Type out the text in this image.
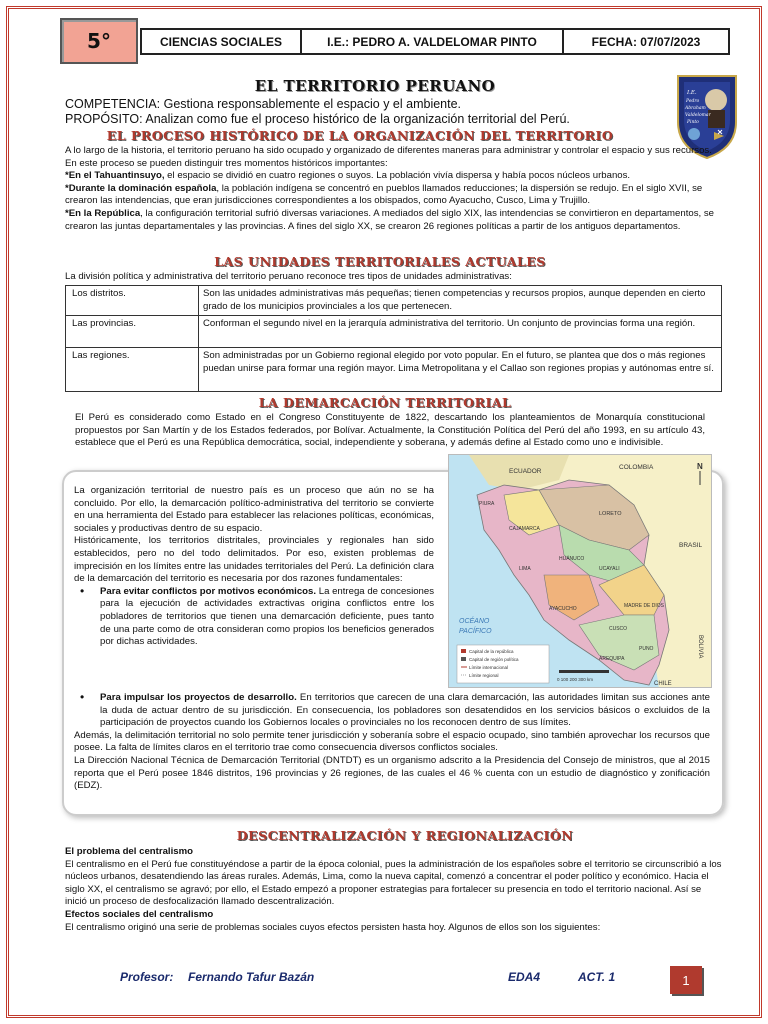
5°	CIENCIAS SOCIALES	I.E.: PEDRO A. VALDELOMAR PINTO	FECHA: 07/07/2023
I.E.
Pedro
Abraham
Valdelomar
Pinto
EL TERRITORIO PERUANO
COMPETENCIA: Gestiona responsablemente el espacio y el ambiente.
PROPÓSITO: Analizan como fue el proceso histórico de la organización territorial del Perú.
EL PROCESO HISTÓRICO DE LA ORGANIZACIÓN DEL TERRITORIO
A lo largo de la historia, el territorio peruano ha sido ocupado y organizado de diferentes maneras para administrar y controlar el espacio y sus recursos. En este proceso se pueden distinguir tres momentos históricos importantes:
*En el Tahuantinsuyo, el espacio se dividió en cuatro regiones o suyos. La población vivía dispersa y había pocos núcleos urbanos.
*Durante la dominación española, la población indígena se concentró en pueblos llamados reducciones; la dispersión se redujo. En el siglo XVII, se crearon las intendencias, que eran jurisdicciones correspondientes a los obispados, como Ayacucho, Cusco, Lima y Trujillo.
*En la República, la configuración territorial sufrió diversas variaciones. A mediados del siglo XIX, las intendencias se convirtieron en departamentos, se crearon las juntas departamentales y las provincias. A fines del siglo XX, se crearon 26 regiones políticas a partir de los antiguos departamentos.
LAS UNIDADES TERRITORIALES ACTUALES
La división política y administrativa del territorio peruano reconoce tres tipos de unidades administrativas:
Los distritos.	Son las unidades administrativas más pequeñas; tienen competencias y recursos propios, aunque dependen en cierto grado de los municipios provinciales a los que pertenecen.
Las provincias.	Conforman el segundo nivel en la jerarquía administrativa del territorio. Un conjunto de provincias forma una región.
Las regiones.	Son administradas por un Gobierno regional elegido por voto popular. En el futuro, se plantea que dos o más regiones puedan unirse para formar una región mayor. Lima Metropolitana y el Callao son regiones propias y autónomas entre sí.
LA DEMARCACIÓN TERRITORIAL
El Perú es considerado como Estado en el Congreso Constituyente de 1822, descartando los planteamientos de Monarquía constitucional propuestos por San Martín y de los Estados federados, por Bolívar. Actualmente, la Constitución Política del Perú del año 1993, en su artículo 43, establece que el Perú es una República democrática, social, independiente y soberana, y además define al Estado como uno e indivisible.
La organización territorial de nuestro país es un proceso que aún no se ha concluido. Por ello, la demarcación político-administrativa del territorio se convierte en una herramienta del Estado para establecer las relaciones políticas, económicas, sociales y productivas dentro de su espacio.
Históricamente, los territorios distritales, provinciales y regionales han sido establecidos, pero no del todo delimitados. Por eso, existen problemas de imprecisión en los límites entre las unidades territoriales del Perú. La definición clara de la demarcación del territorio es necesaria por dos razones fundamentales:
• Para evitar conflictos por motivos económicos. La entrega de concesiones para la ejecución de actividades extractivas origina conflictos entre los pobladores de territorios que tienen una demarcación deficiente, pues tanto de una parte como de otra consideran como propios los beneficios generados por dichas actividades.
• Para impulsar los proyectos de desarrollo. En territorios que carecen de una clara demarcación, las autoridades limitan sus acciones ante la duda de actuar dentro de su jurisdicción. En consecuencia, los pobladores son desatendidos en los servicios básicos o excluidos de la participación de proyectos cuando los Gobiernos locales o provinciales no los reconocen dentro de sus límites.
Además, la delimitación territorial no solo permite tener jurisdicción y soberanía sobre el espacio ocupado, sino también aprovechar los recursos que posee. La falta de límites claros en el territorio trae como consecuencia diversos conflictos sociales.
La Dirección Nacional Técnica de Demarcación Territorial (DNTDT) es un organismo adscrito a la Presidencia del Consejo de ministros, que al 2015 reporta que el Perú posee 1846 distritos, 196 provincias y 26 regiones, de las cuales el 46 % cuenta con un estudio de diagnóstico y zonificación (EDZ).
ECUADOR
COLOMBIA
BRASIL
BOLIVIA
CHILE
OCÉANO
PACÍFICO
LORETO
HUÁNUCO
UCAYALI
MADRE DE DIOS
CUSCO
PUNO
AREQUIPA
AYACUCHO
LIMA
CAJAMARCA
PIURA
Capital de la república
Capital de región política
Límite internacional
Límite regional
0 100 200 300 km
N
DESCENTRALIZACIÓN Y REGIONALIZACIÓN
El problema del centralismo
El centralismo en el Perú fue constituyéndose a partir de la época colonial, pues la administración de los españoles sobre el territorio se circunscribió a los núcleos urbanos, desatendiendo las áreas rurales. Además, Lima, como la nueva capital, comenzó a concentrar el poder político y económico. Hacia el siglo XX, el centralismo se agravó; por ello, el Estado empezó a proponer estrategias para fortalecer su presencia en todo el territorio nacional. Así se inició un proceso de desfocalización llamado descentralización.
Efectos sociales del centralismo
El centralismo originó una serie de problemas sociales cuyos efectos persisten hasta hoy. Algunos de ellos son los siguientes:
Profesor: Fernando Tafur Bazán	EDA4	ACT. 1	1
